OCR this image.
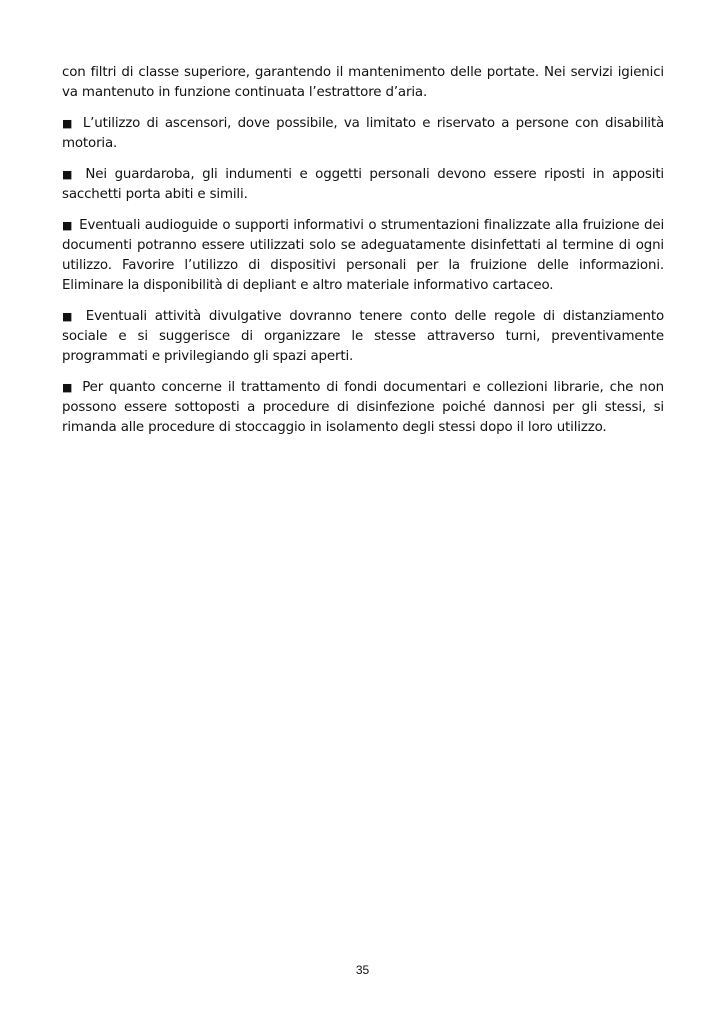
con filtri di classe superiore, garantendo il mantenimento delle portate. Nei servizi igienici va mantenuto in funzione continuata l’estrattore d’aria.

■ L’utilizzo di ascensori, dove possibile, va limitato e riservato a persone con disabilità motoria.

■ Nei guardaroba, gli indumenti e oggetti personali devono essere riposti in appositi sacchetti porta abiti e simili.

■ Eventuali audioguide o supporti informativi o strumentazioni finalizzate alla fruizione dei documenti potranno essere utilizzati solo se adeguatamente disinfettati al termine di ogni utilizzo. Favorire l’utilizzo di dispositivi personali per la fruizione delle informazioni. Eliminare la disponibilità di depliant e altro materiale informativo cartaceo.

■ Eventuali attività divulgative dovranno tenere conto delle regole di distanziamento sociale e si suggerisce di organizzare le stesse attraverso turni, preventivamente programmati e privilegiando gli spazi aperti.

■ Per quanto concerne il trattamento di fondi documentari e collezioni librarie, che non possono essere sottoposti a procedure di disinfezione poiché dannosi per gli stessi, si rimanda alle procedure di stoccaggio in isolamento degli stessi dopo il loro utilizzo.

35
